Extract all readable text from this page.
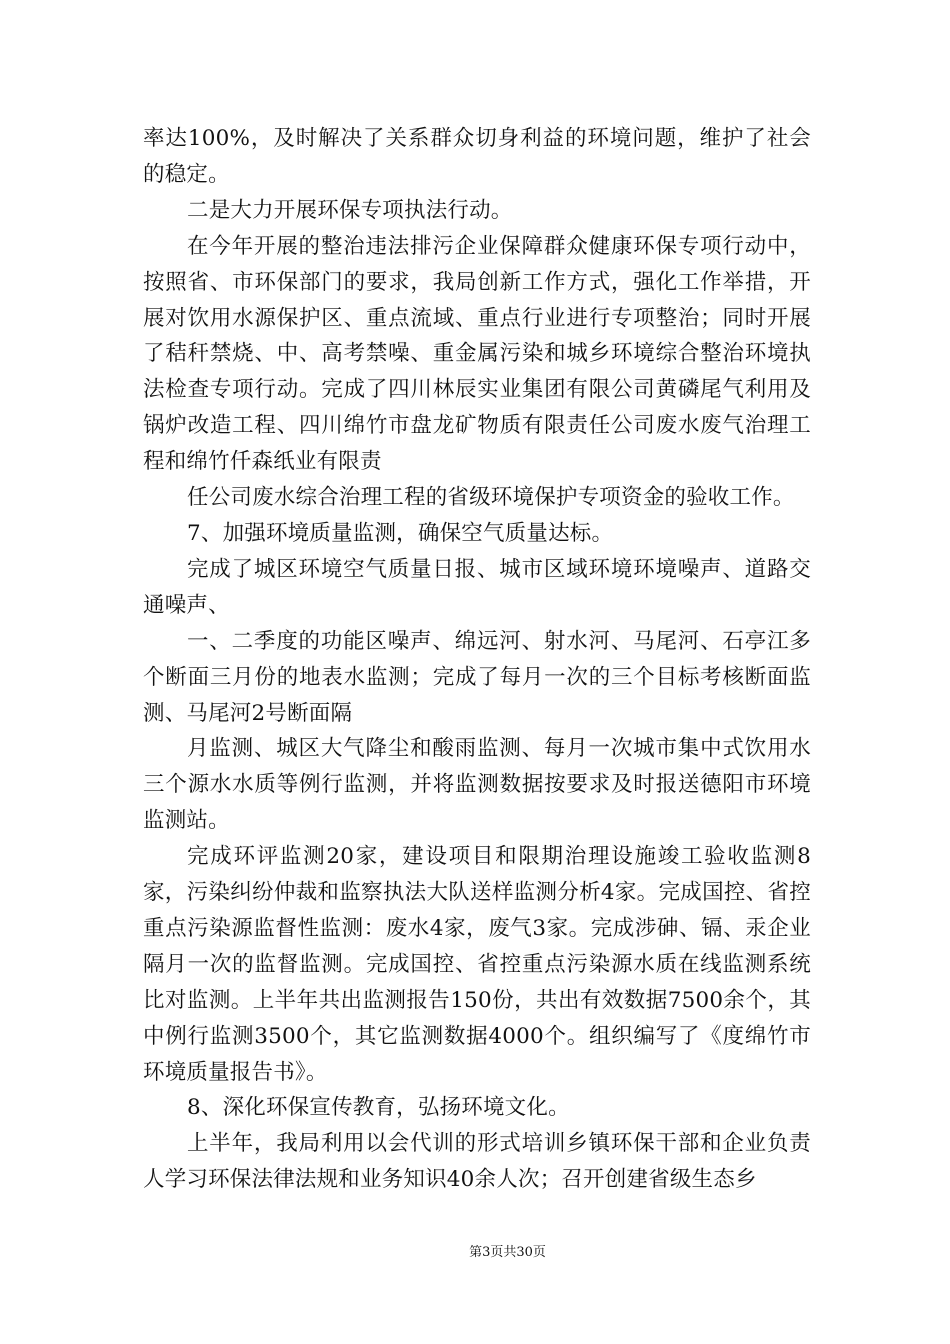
率达100%，及时解决了关系群众切身利益的环境问题，维护了社会的稳定。

二是大力开展环保专项执法行动。

在今年开展的整治违法排污企业保障群众健康环保专项行动中，按照省、市环保部门的要求，我局创新工作方式，强化工作举措，开展对饮用水源保护区、重点流域、重点行业进行专项整治；同时开展了秸秆禁烧、中、高考禁噪、重金属污染和城乡环境综合整治环境执法检查专项行动。完成了四川林辰实业集团有限公司黄磷尾气利用及锅炉改造工程、四川绵竹市盘龙矿物质有限责任公司废水废气治理工程和绵竹仟森纸业有限责

任公司废水综合治理工程的省级环境保护专项资金的验收工作。

7、加强环境质量监测，确保空气质量达标。

完成了城区环境空气质量日报、城市区域环境环境噪声、道路交通噪声、

一、二季度的功能区噪声、绵远河、射水河、马尾河、石亭江多个断面三月份的地表水监测；完成了每月一次的三个目标考核断面监测、马尾河2号断面隔

月监测、城区大气降尘和酸雨监测、每月一次城市集中式饮用水三个源水水质等例行监测，并将监测数据按要求及时报送德阳市环境监测站。

完成环评监测20家，建设项目和限期治理设施竣工验收监测8家，污染纠纷仲裁和监察执法大队送样监测分析4家。完成国控、省控重点污染源监督性监测：废水4家，废气3家。完成涉砷、镉、汞企业隔月一次的监督监测。完成国控、省控重点污染源水质在线监测系统比对监测。上半年共出监测报告150份，共出有效数据7500余个，其中例行监测3500个，其它监测数据4000个。组织编写了《度绵竹市环境质量报告书》。

8、深化环保宣传教育，弘扬环境文化。

上半年，我局利用以会代训的形式培训乡镇环保干部和企业负责人学习环保法律法规和业务知识40余人次；召开创建省级生态乡

第3页共30页
